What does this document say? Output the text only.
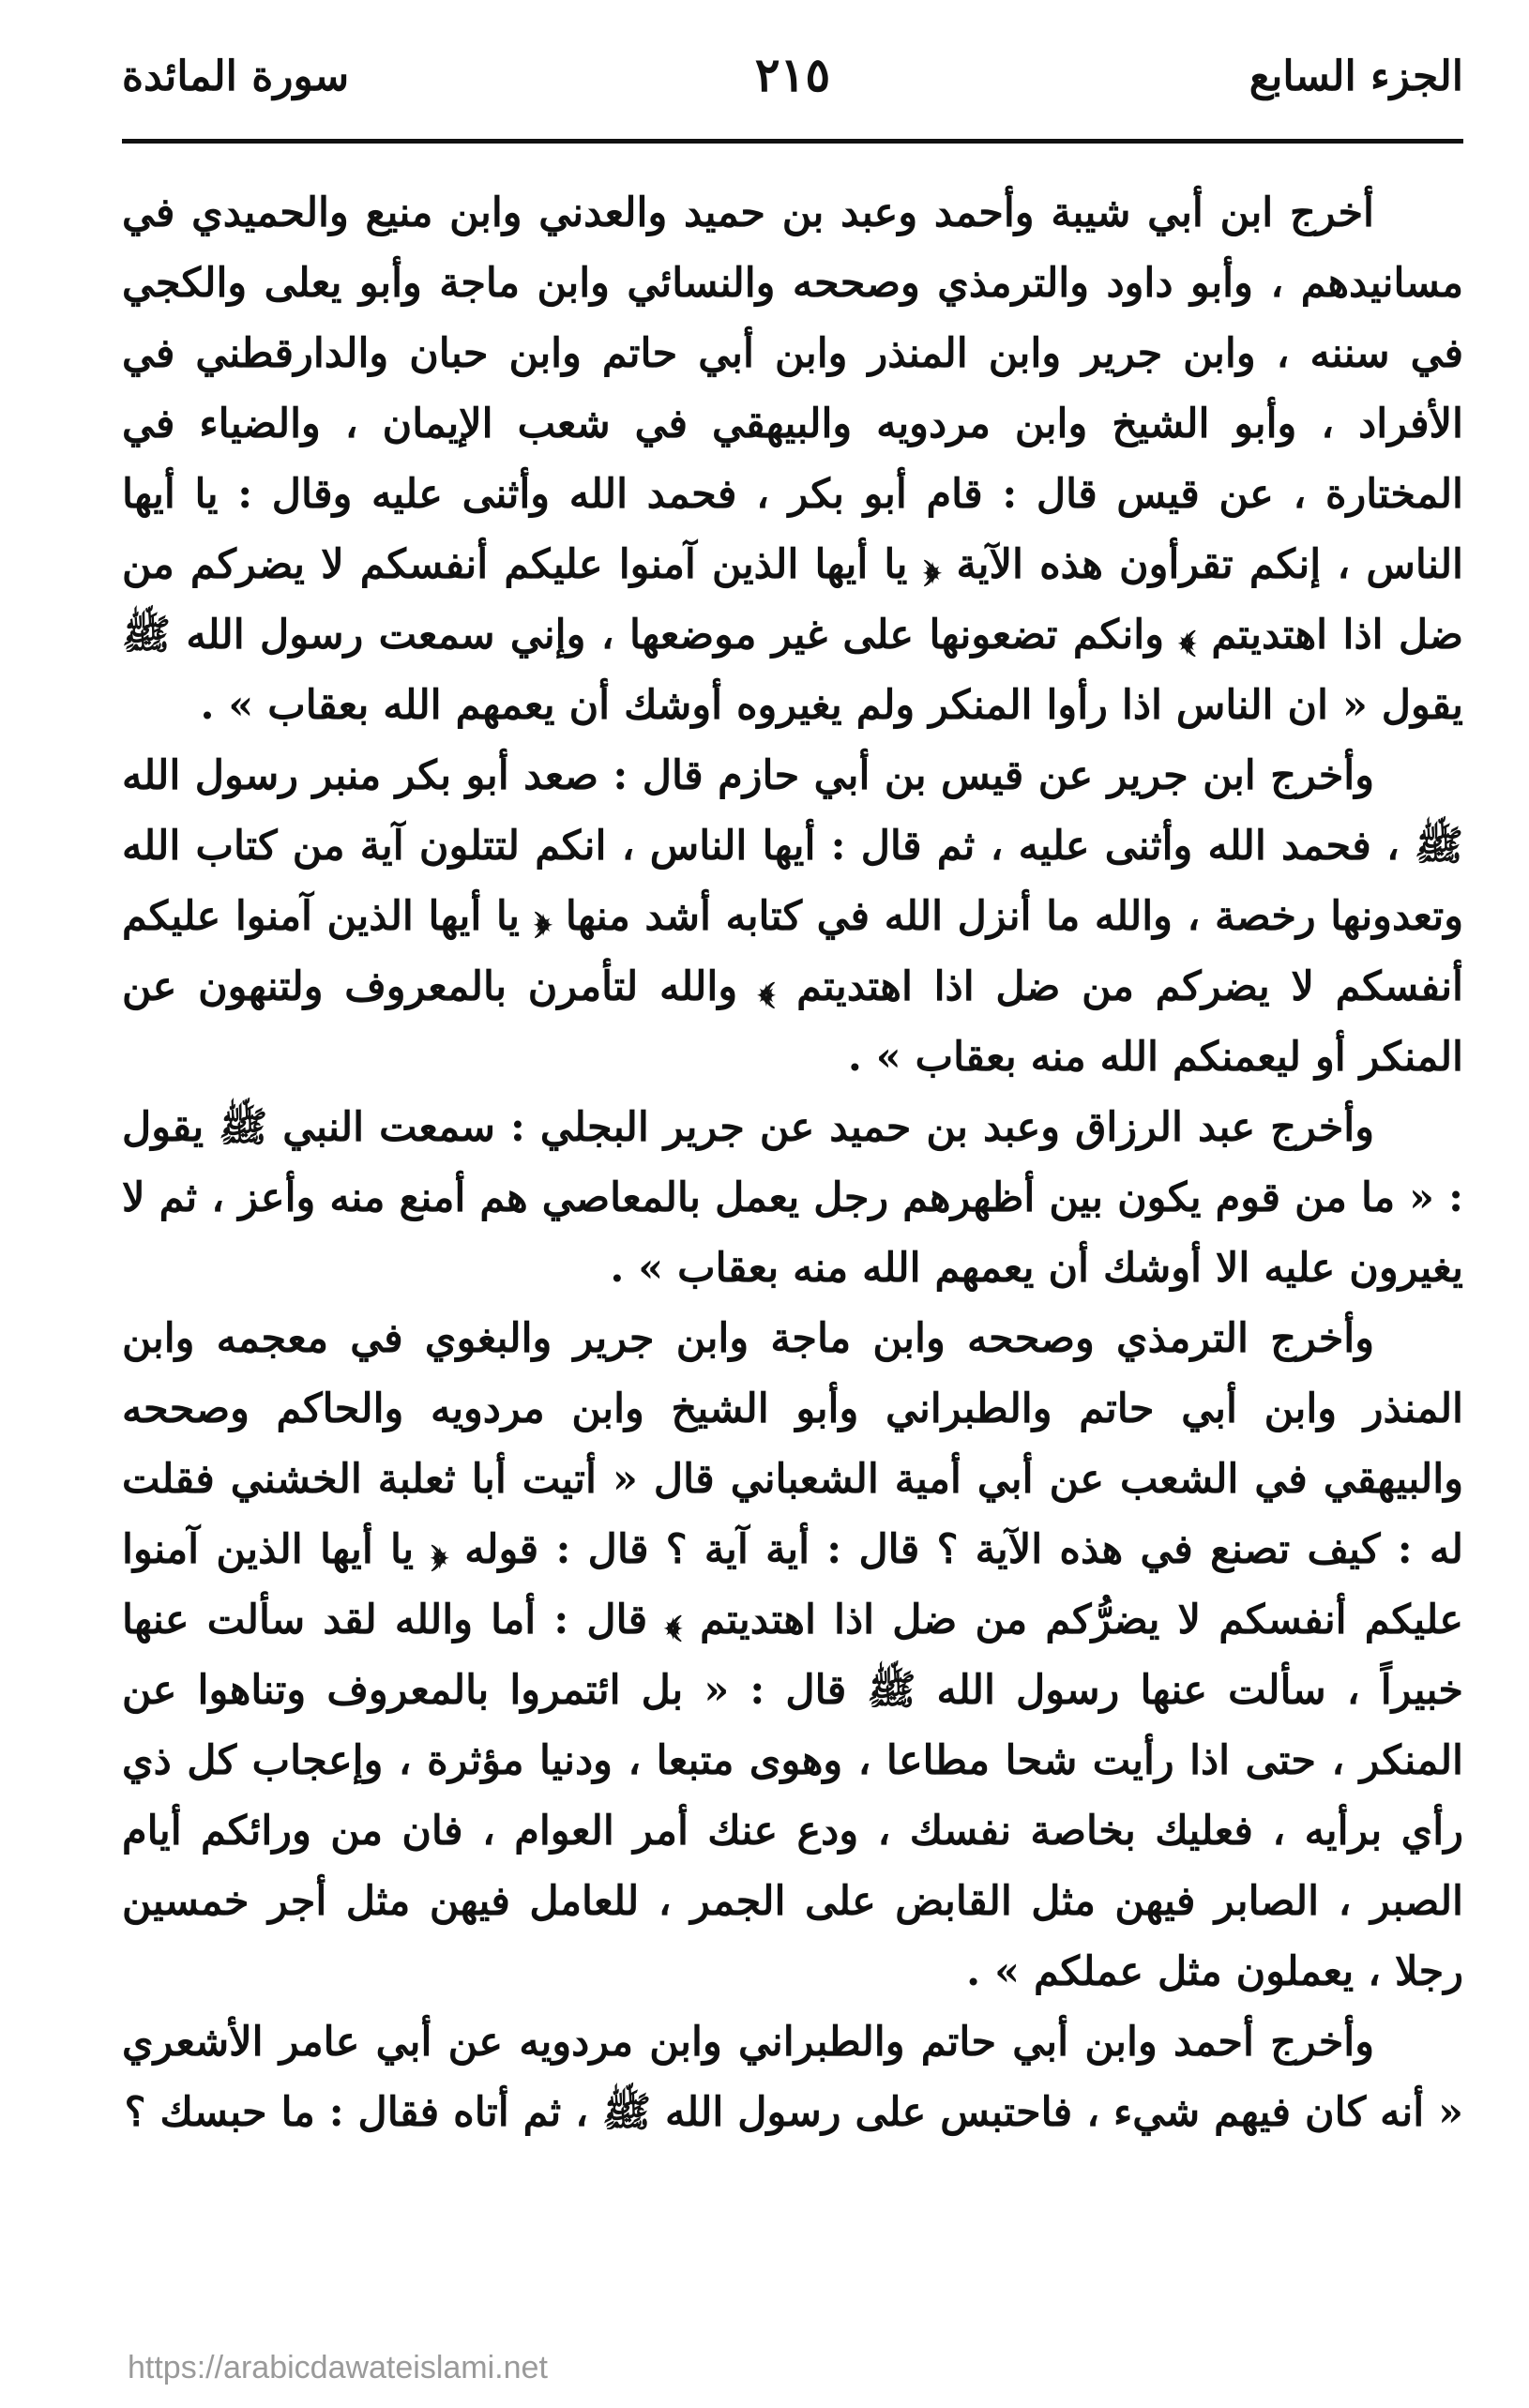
الجزء السابع
٢١٥
سورة المائدة

أخرج ابن أبي شيبة وأحمد وعبد بن حميد والعدني وابن منيع والحميدي في مسانيدهم ، وأبو داود والترمذي وصححه والنسائي وابن ماجة وأبو يعلى والكجي في سننه ، وابن جرير وابن المنذر وابن أبي حاتم وابن حبان والدارقطني في الأفراد ، وأبو الشيخ وابن مردويه والبيهقي في شعب الإيمان ، والضياء في المختارة ، عن قيس قال : قام أبو بكر ، فحمد الله وأثنى عليه وقال : يا أيها الناس ، إنكم تقرأون هذه الآية ﴿ يا أيها الذين آمنوا عليكم أنفسكم لا يضركم من ضل اذا اهتديتم ﴾ وانكم تضعونها على غير موضعها ، وإني سمعت رسول الله ﷺ يقول « ان الناس اذا رأوا المنكر ولم يغيروه أوشك أن يعمهم الله بعقاب » .

وأخرج ابن جرير عن قيس بن أبي حازم قال : صعد أبو بكر منبر رسول الله ﷺ ، فحمد الله وأثنى عليه ، ثم قال : أيها الناس ، انكم لتتلون آية من كتاب الله وتعدونها رخصة ، والله ما أنزل الله في كتابه أشد منها ﴿ يا أيها الذين آمنوا عليكم أنفسكم لا يضركم من ضل اذا اهتديتم ﴾ والله لتأمرن بالمعروف ولتنهون عن المنكر أو ليعمنكم الله منه بعقاب » .

وأخرج عبد الرزاق وعبد بن حميد عن جرير البجلي : سمعت النبي ﷺ يقول : « ما من قوم يكون بين أظهرهم رجل يعمل بالمعاصي هم أمنع منه وأعز ، ثم لا يغيرون عليه الا أوشك أن يعمهم الله منه بعقاب » .

وأخرج الترمذي وصححه وابن ماجة وابن جرير والبغوي في معجمه وابن المنذر وابن أبي حاتم والطبراني وأبو الشيخ وابن مردويه والحاكم وصححه والبيهقي في الشعب عن أبي أمية الشعباني قال « أتيت أبا ثعلبة الخشني فقلت له : كيف تصنع في هذه الآية ؟ قال : أية آية ؟ قال : قوله ﴿ يا أيها الذين آمنوا عليكم أنفسكم لا يضرُّكم من ضل اذا اهتديتم ﴾ قال : أما والله لقد سألت عنها خبيراً ، سألت عنها رسول الله ﷺ قال : « بل ائتمروا بالمعروف وتناهوا عن المنكر ، حتى اذا رأيت شحا مطاعا ، وهوى متبعا ، ودنيا مؤثرة ، وإعجاب كل ذي رأي برأيه ، فعليك بخاصة نفسك ، ودع عنك أمر العوام ، فان من ورائكم أيام الصبر ، الصابر فيهن مثل القابض على الجمر ، للعامل فيهن مثل أجر خمسين رجلا ، يعملون مثل عملكم » .

وأخرج أحمد وابن أبي حاتم والطبراني وابن مردويه عن أبي عامر الأشعري « أنه كان فيهم شيء ، فاحتبس على رسول الله ﷺ ، ثم أتاه فقال : ما حبسك ؟

https://arabicdawateislami.net
